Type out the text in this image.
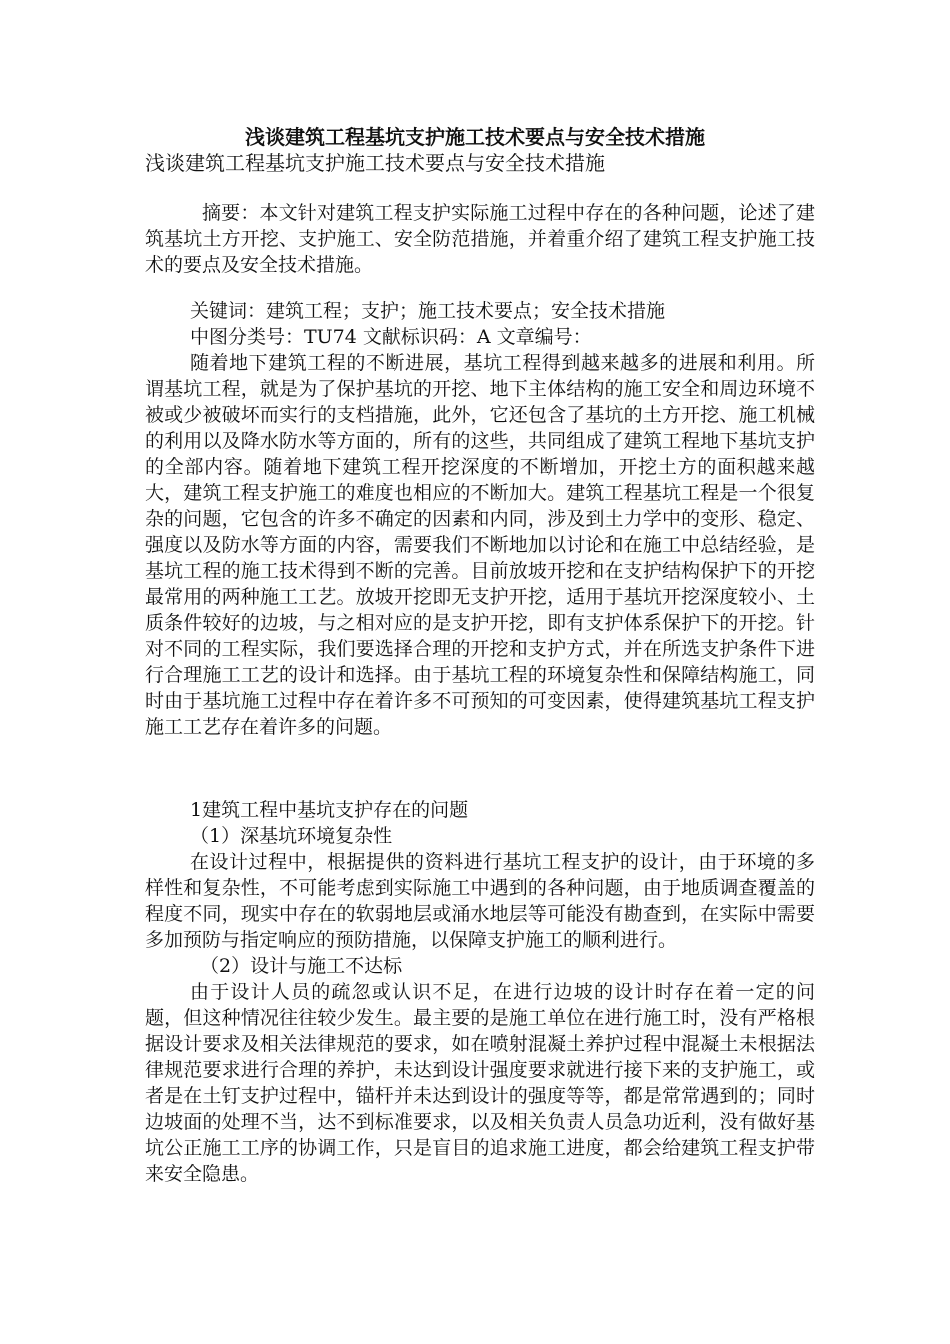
浅谈建筑工程基坑支护施工技术要点与安全技术措施
浅谈建筑工程基坑支护施工技术要点与安全技术措施
摘要：本文针对建筑工程支护实际施工过程中存在的各种问题，论述了建筑基坑土方开挖、支护施工、安全防范措施，并着重介绍了建筑工程支护施工技术的要点及安全技术措施。
关键词：建筑工程；支护；施工技术要点；安全技术措施
中图分类号：TU74 文献标识码：A 文章编号：
随着地下建筑工程的不断进展，基坑工程得到越来越多的进展和利用。所谓基坑工程，就是为了保护基坑的开挖、地下主体结构的施工安全和周边环境不被或少被破坏而实行的支档措施，此外，它还包含了基坑的土方开挖、施工机械的利用以及降水防水等方面的，所有的这些，共同组成了建筑工程地下基坑支护的全部内容。随着地下建筑工程开挖深度的不断增加，开挖土方的面积越来越大，建筑工程支护施工的难度也相应的不断加大。建筑工程基坑工程是一个很复杂的问题，它包含的许多不确定的因素和内同，涉及到土力学中的变形、稳定、强度以及防水等方面的内容，需要我们不断地加以讨论和在施工中总结经验，是基坑工程的施工技术得到不断的完善。目前放坡开挖和在支护结构保护下的开挖最常用的两种施工工艺。放坡开挖即无支护开挖，适用于基坑开挖深度较小、土质条件较好的边坡，与之相对应的是支护开挖，即有支护体系保护下的开挖。针对不同的工程实际，我们要选择合理的开挖和支护方式，并在所选支护条件下进行合理施工工艺的设计和选择。由于基坑工程的环境复杂性和保障结构施工，同时由于基坑施工过程中存在着许多不可预知的可变因素，使得建筑基坑工程支护施工工艺存在着许多的问题。
1建筑工程中基坑支护存在的问题
（1）深基坑环境复杂性
在设计过程中，根据提供的资料进行基坑工程支护的设计，由于环境的多样性和复杂性，不可能考虑到实际施工中遇到的各种问题，由于地质调查覆盖的程度不同，现实中存在的软弱地层或涌水地层等可能没有勘查到，在实际中需要多加预防与指定响应的预防措施，以保障支护施工的顺利进行。
（2）设计与施工不达标
由于设计人员的疏忽或认识不足，在进行边坡的设计时存在着一定的问题，但这种情况往往较少发生。最主要的是施工单位在进行施工时，没有严格根据设计要求及相关法律规范的要求，如在喷射混凝土养护过程中混凝土未根据法律规范要求进行合理的养护，未达到设计强度要求就进行接下来的支护施工，或者是在土钉支护过程中，锚杆并未达到设计的强度等等，都是常常遇到的；同时边坡面的处理不当，达不到标准要求，以及相关负责人员急功近利，没有做好基坑公正施工工序的协调工作，只是盲目的追求施工进度，都会给建筑工程支护带来安全隐患。
